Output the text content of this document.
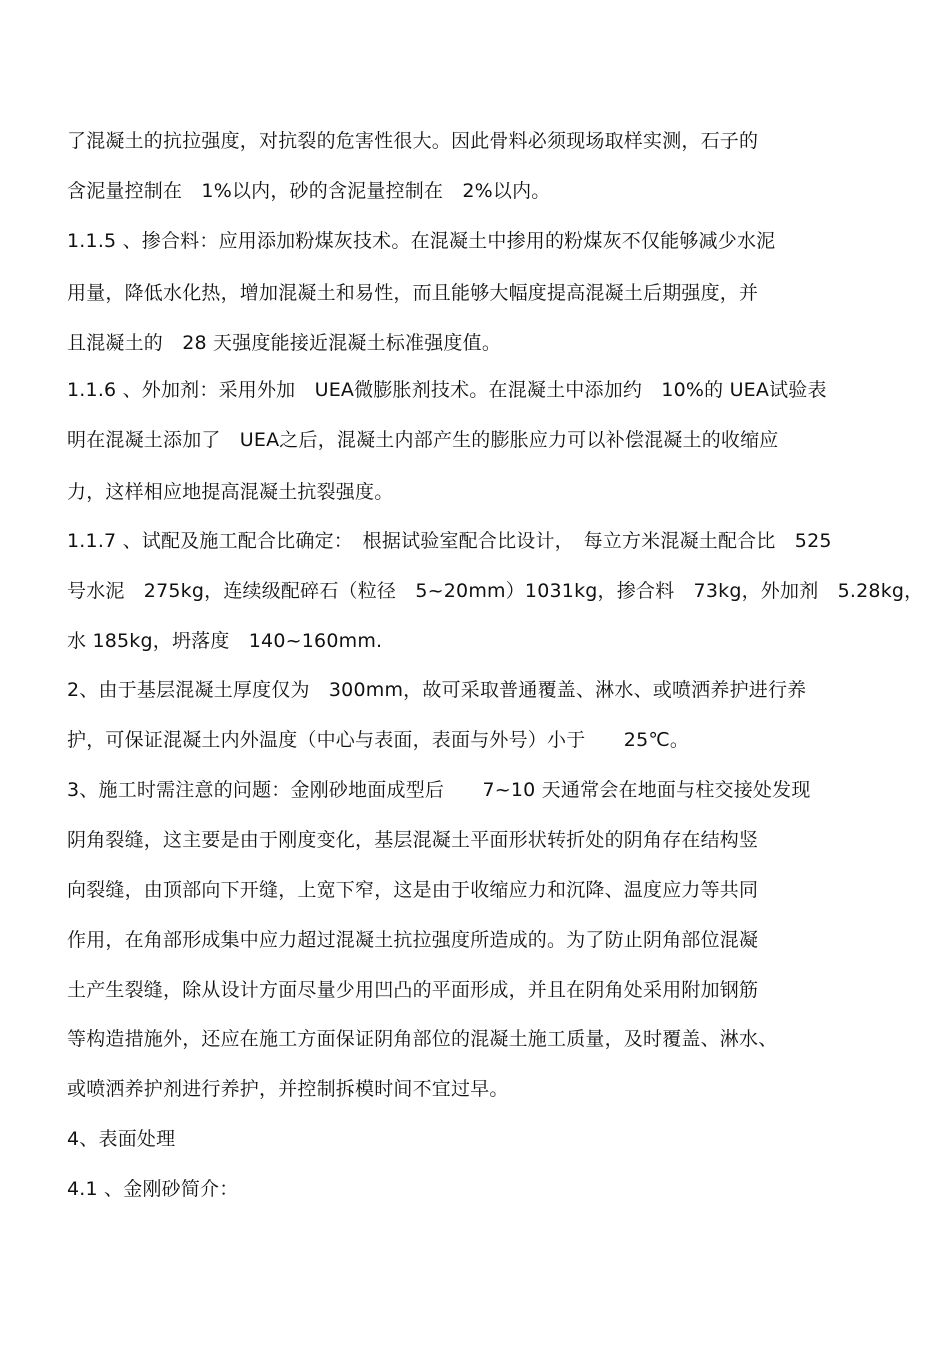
了混凝土的抗拉强度，对抗裂的危害性很大。因此骨料必须现场取样实测，石子的
含泥量控制在　1%以内，砂的含泥量控制在　2%以内。
1.1.5 、掺合料：应用添加粉煤灰技术。在混凝土中掺用的粉煤灰不仅能够减少水泥
用量，降低水化热，增加混凝土和易性，而且能够大幅度提高混凝土后期强度，并
且混凝土的　28 天强度能接近混凝土标准强度值。
1.1.6 、外加剂：采用外加　UEA微膨胀剂技术。在混凝土中添加约　10%的 UEA试验表
明在混凝土添加了　UEA之后，混凝土内部产生的膨胀应力可以补偿混凝土的收缩应
力，这样相应地提高混凝土抗裂强度。
1.1.7 、试配及施工配合比确定：　根据试验室配合比设计，　每立方米混凝土配合比　525
号水泥　275kg，连续级配碎石（粒径　5~20mm）1031kg，掺合料　73kg，外加剂　5.28kg，
水 185kg，坍落度　140~160mm.
2、由于基层混凝土厚度仅为　300mm，故可采取普通覆盖、淋水、或喷洒养护进行养
护，可保证混凝土内外温度（中心与表面，表面与外号）小于　　25℃。
3、施工时需注意的问题：金刚砂地面成型后　　7~10 天通常会在地面与柱交接处发现
阴角裂缝，这主要是由于刚度变化，基层混凝土平面形状转折处的阴角存在结构竖
向裂缝，由顶部向下开缝，上宽下窄，这是由于收缩应力和沉降、温度应力等共同
作用，在角部形成集中应力超过混凝土抗拉强度所造成的。为了防止阴角部位混凝
土产生裂缝，除从设计方面尽量少用凹凸的平面形成，并且在阴角处采用附加钢筋
等构造措施外，还应在施工方面保证阴角部位的混凝土施工质量，及时覆盖、淋水、
或喷洒养护剂进行养护，并控制拆模时间不宜过早。
4、表面处理
4.1 、金刚砂简介：
